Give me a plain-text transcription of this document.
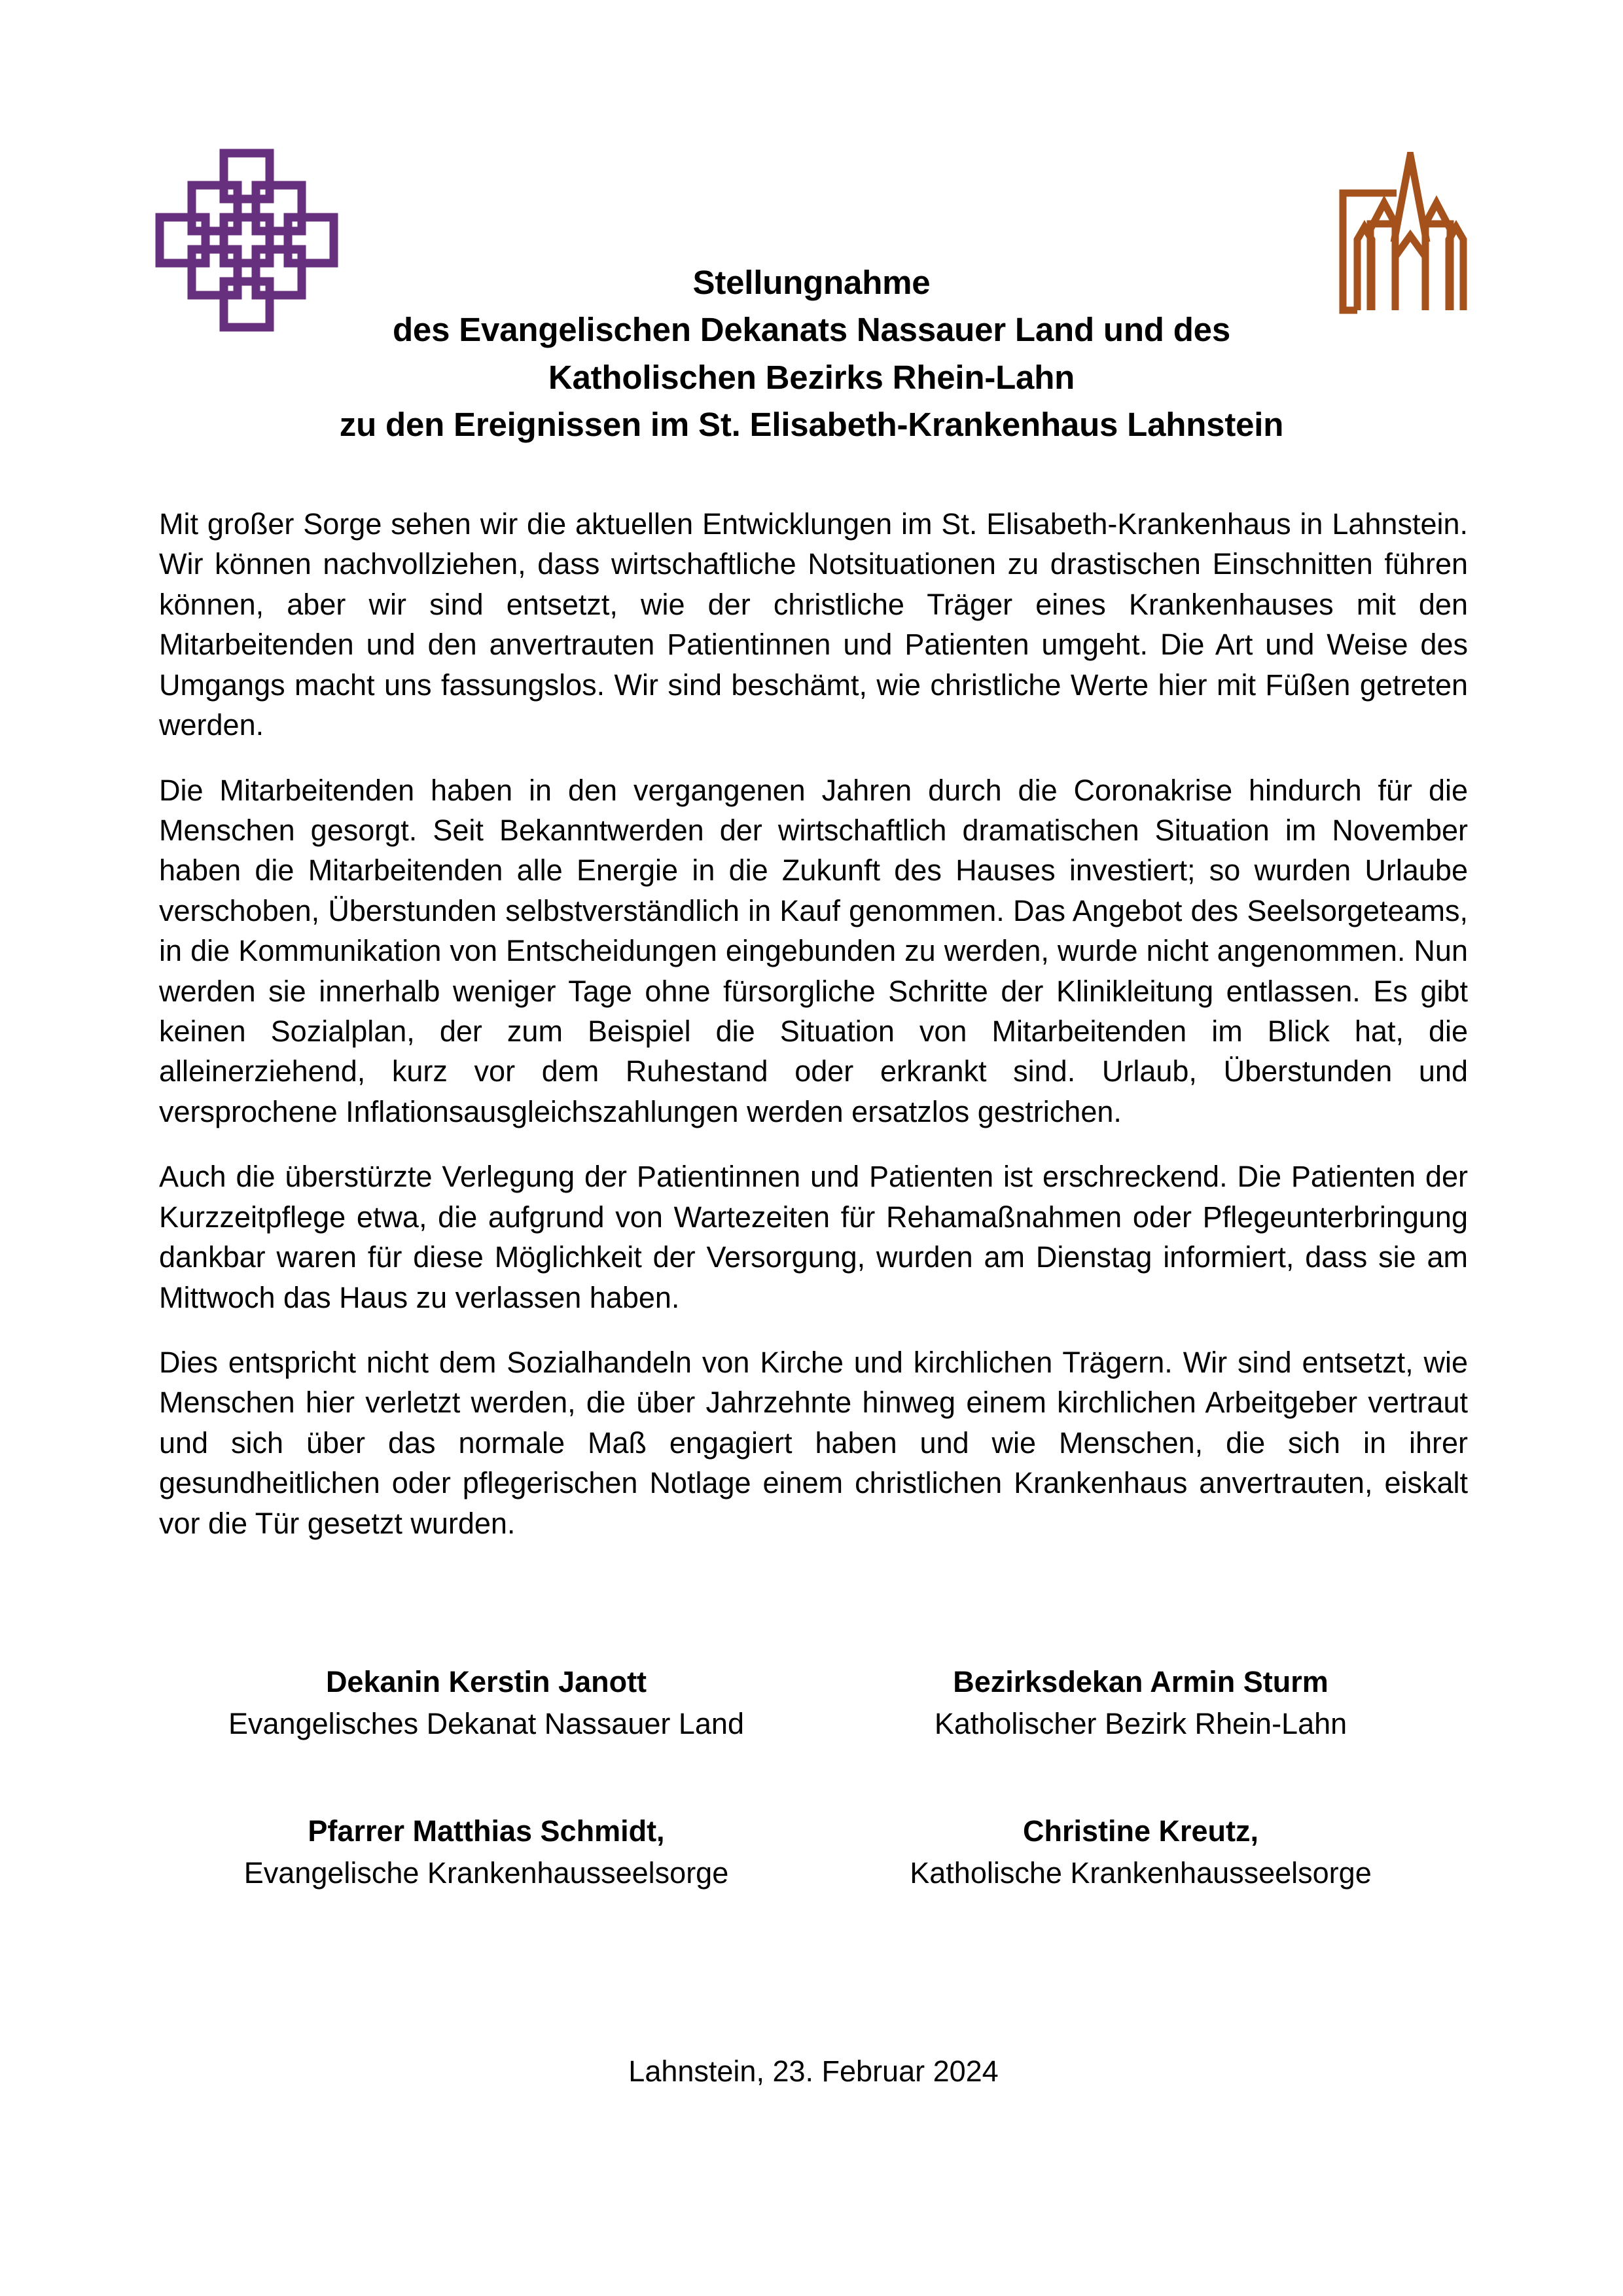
Stellungnahme
des Evangelischen Dekanats Nassauer Land und des
Katholischen Bezirks Rhein-Lahn
zu den Ereignissen im St. Elisabeth-Krankenhaus Lahnstein

Mit großer Sorge sehen wir die aktuellen Entwicklungen im St. Elisabeth-Krankenhaus in Lahnstein. Wir können nachvollziehen, dass wirtschaftliche Notsituationen zu drastischen Einschnitten führen können, aber wir sind entsetzt, wie der christliche Träger eines Krankenhauses mit den Mitarbeitenden und den anvertrauten Patientinnen und Patienten umgeht. Die Art und Weise des Umgangs macht uns fassungslos. Wir sind beschämt, wie christliche Werte hier mit Füßen getreten werden.

Die Mitarbeitenden haben in den vergangenen Jahren durch die Coronakrise hindurch für die Menschen gesorgt. Seit Bekanntwerden der wirtschaftlich dramatischen Situation im November haben die Mitarbeitenden alle Energie in die Zukunft des Hauses investiert; so wurden Urlaube verschoben, Überstunden selbstverständlich in Kauf genommen. Das Angebot des Seelsorgeteams, in die Kommunikation von Entscheidungen eingebunden zu werden, wurde nicht angenommen. Nun werden sie innerhalb weniger Tage ohne fürsorgliche Schritte der Klinikleitung entlassen. Es gibt keinen Sozialplan, der zum Beispiel die Situation von Mitarbeitenden im Blick hat, die alleinerziehend, kurz vor dem Ruhestand oder erkrankt sind. Urlaub, Überstunden und versprochene Inflationsausgleichszahlungen werden ersatzlos gestrichen.

Auch die überstürzte Verlegung der Patientinnen und Patienten ist erschreckend. Die Patienten der Kurzzeitpflege etwa, die aufgrund von Wartezeiten für Rehamaßnahmen oder Pflegeunterbringung dankbar waren für diese Möglichkeit der Versorgung, wurden am Dienstag informiert, dass sie am Mittwoch das Haus zu verlassen haben.

Dies entspricht nicht dem Sozialhandeln von Kirche und kirchlichen Trägern. Wir sind entsetzt, wie Menschen hier verletzt werden, die über Jahrzehnte hinweg einem kirchlichen Arbeitgeber vertraut und sich über das normale Maß engagiert haben und wie Menschen, die sich in ihrer gesundheitlichen oder pflegerischen Notlage einem christlichen Krankenhaus anvertrauten, eiskalt vor die Tür gesetzt wurden.

Dekanin Kerstin Janott
Evangelisches Dekanat Nassauer Land
Bezirksdekan Armin Sturm
Katholischer Bezirk Rhein-Lahn
Pfarrer Matthias Schmidt,
Evangelische Krankenhausseelsorge
Christine Kreutz,
Katholische Krankenhausseelsorge
Lahnstein, 23. Februar 2024
